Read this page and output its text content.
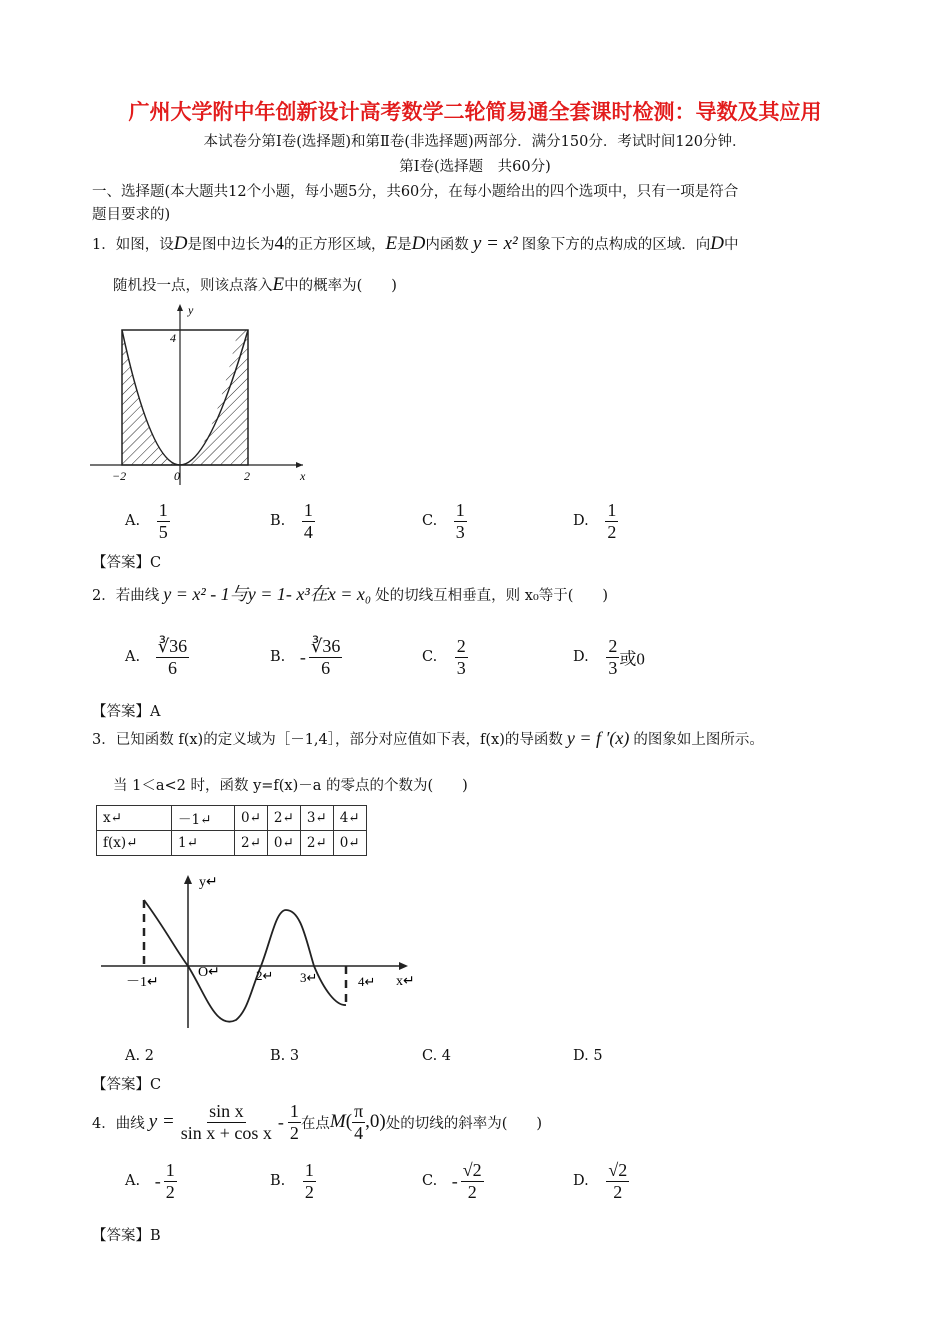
广州大学附中年创新设计高考数学二轮简易通全套课时检测：导数及其应用
本试卷分第Ⅰ卷(选择题)和第Ⅱ卷(非选择题)两部分．满分150分．考试时间120分钟．
第Ⅰ卷(选择题　共60分)
一、选择题(本大题共12个小题，每小题5分，共60分，在每小题给出的四个选项中，只有一项是符合
题目要求的)
1．如图，设D是图中边长为4的正方形区域，E是D内函数 y = x² 图象下方的点构成的区域．向D中
随机投一点，则该点落入E中的概率为(　　)
y
x
4
−2	0	2
A. $\frac{1}{5}$	B. $\frac{1}{4}$	C. $\frac{1}{3}$	D. $\frac{1}{2}$
【答案】C
2．若曲线 y = x² - 1与y = 1- x³在x = x₀ 处的切线互相垂直，则 x₀等于(　　)
A. $\frac{∛36}{6}$	B. - $\frac{∛36}{6}$	C. $\frac{2}{3}$	D. $\frac{2}{3}$ 或0
【答案】A
3．已知函数 f(x)的定义域为［－1,4］，部分对应值如下表，f(x)的导函数 y = f ′(x) 的图象如上图所示。
当 1＜a<2 时，函数 y=f(x)－a 的零点的个数为(　　)
x↵	－1↵	0↵	2↵	3↵	4↵
f(x)↵	1↵	2↵	0↵	2↵	0↵
y↵
x↵
O↵
－1↵	2↵ 3↵	4↵
A. 2	B. 3	C. 4	D. 5
【答案】C
4．曲线 $y = \frac{\text{sin x}}{\text{sin x + cos x}} - \frac{1}{2}$ 在点 M ( $\frac{\pi}{4} ,0$) 处的切线的斜率为(　　)
A. - $\frac{1}{2}$	B. $\frac{1}{2}$	C. - $\frac{√2}{2}$	D. $\frac{√2}{2}$
【答案】B
